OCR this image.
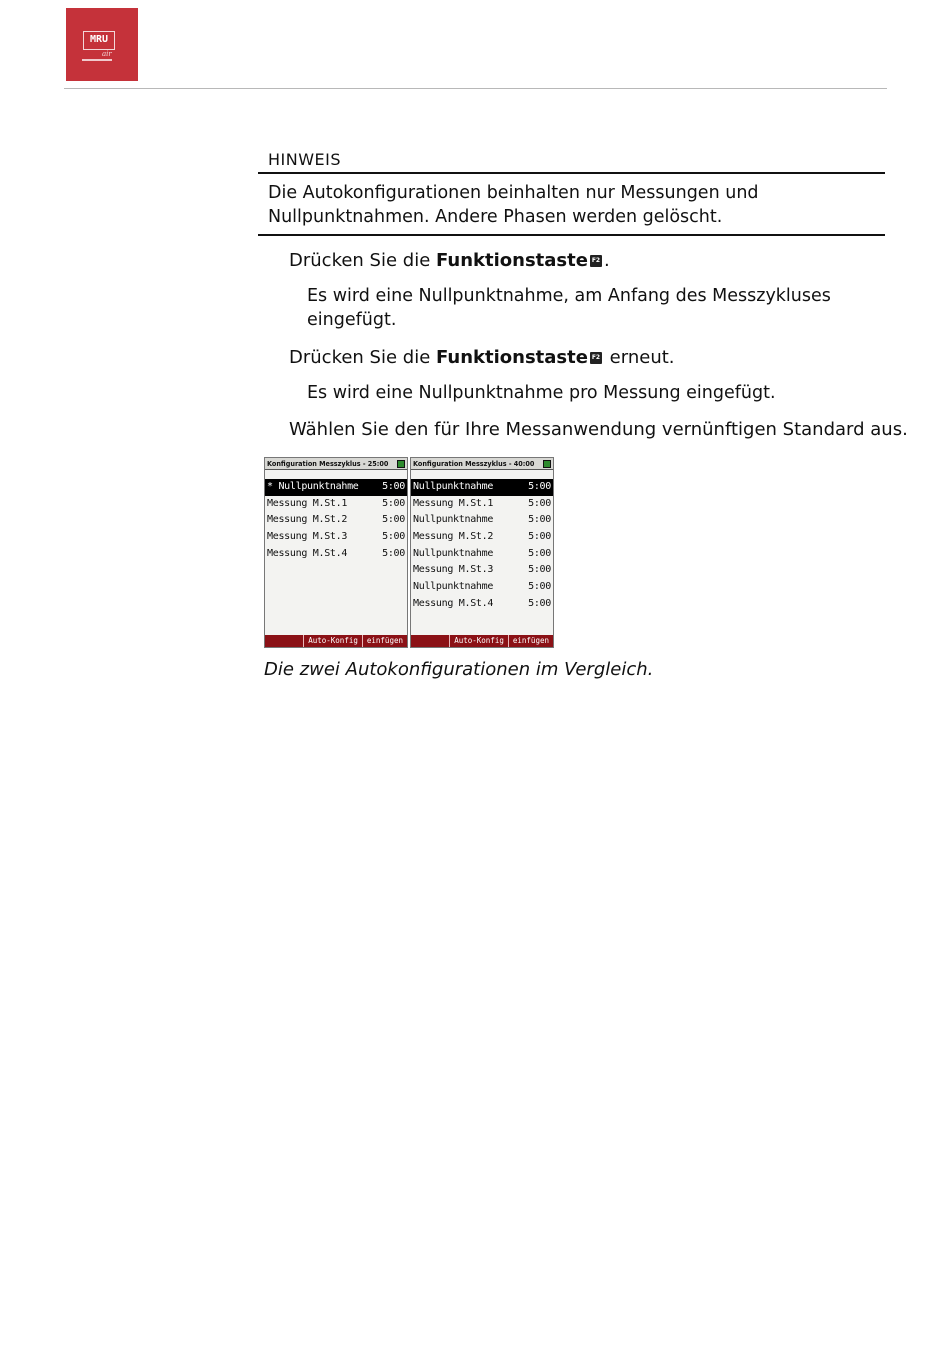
MRU
air
HINWEIS
Die Autokonfigurationen beinhalten nur Messungen und
Nullpunktnahmen. Andere Phasen werden gelöscht.
Drücken Sie die Funktionstaste F2 .
Es wird eine Nullpunktnahme, am Anfang des Messzykluses
eingefügt.
Drücken Sie die Funktionstaste F2 erneut.
Es wird eine Nullpunktnahme pro Messung eingefügt.
Wählen Sie den für Ihre Messanwendung vernünftigen Standard aus.
Konfiguration Messzyklus - 25:00
* Nullpunktnahme 5:00
Messung M.St.1	5:00
Messung M.St.2	5:00
Messung M.St.3	5:00
Messung M.St.4	5:00
Auto-Konfig	einfügen
Konfiguration Messzyklus - 40:00
Nullpunktnahme	5:00
Messung M.St.1	5:00
Nullpunktnahme	5:00
Messung M.St.2	5:00
Nullpunktnahme	5:00
Messung M.St.3	5:00
Nullpunktnahme	5:00
Messung M.St.4	5:00
Auto-Konfig	einfügen
Die zwei Autokonfigurationen im Vergleich.
